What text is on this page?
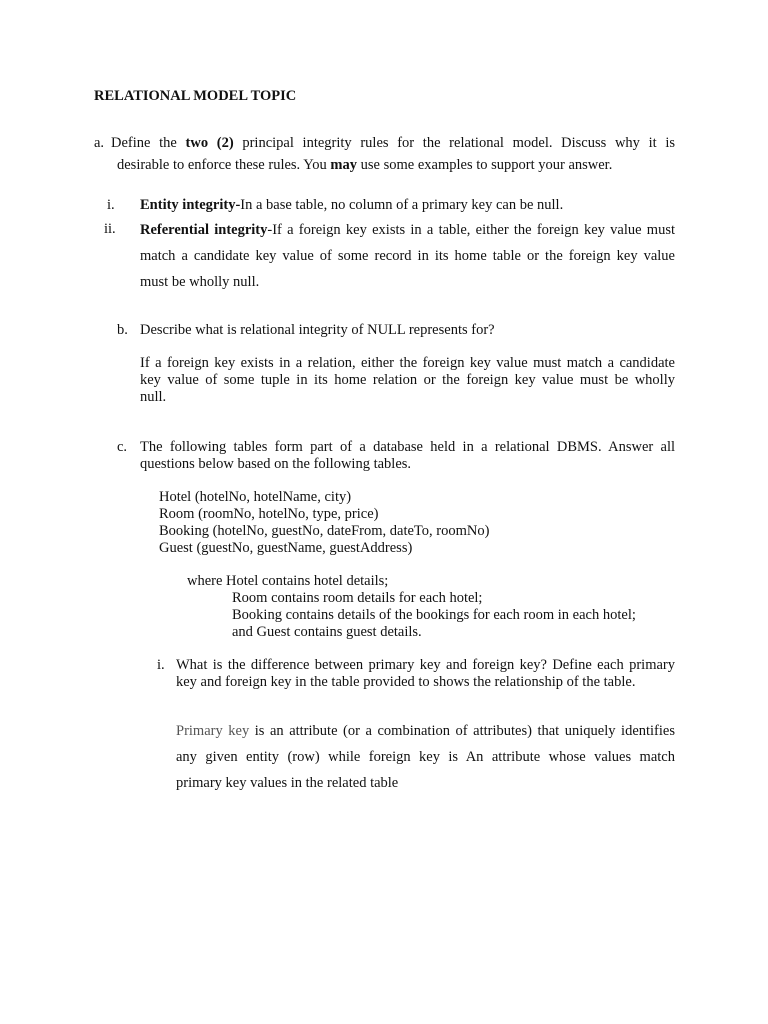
RELATIONAL MODEL TOPIC
a. Define the two (2) principal integrity rules for the relational model. Discuss why it is
desirable to enforce these rules. You may use some examples to support your answer.
i. Entity integrity-In a base table, no column of a primary key can be null.
ii. Referential integrity-If a foreign key exists in a table, either the foreign key value must
match a candidate key value of some record in its home table or the foreign key value
must be wholly null.
b. Describe what is relational integrity of NULL represents for?
If a foreign key exists in a relation, either the foreign key value must match a candidate
key value of some tuple in its home relation or the foreign key value must be wholly
null.
c. The following tables form part of a database held in a relational DBMS. Answer all
questions below based on the following tables.
Hotel (hotelNo, hotelName, city)
Room (roomNo, hotelNo, type, price)
Booking (hotelNo, guestNo, dateFrom, dateTo, roomNo)
Guest (guestNo, guestName, guestAddress)
where Hotel contains hotel details;
Room contains room details for each hotel;
Booking contains details of the bookings for each room in each hotel;
and Guest contains guest details.
i. What is the difference between primary key and foreign key? Define each primary
key and foreign key in the table provided to shows the relationship of the table.
Primary key is an attribute (or a combination of attributes) that uniquely identifies
any given entity (row) while foreign key is An attribute whose values match
primary key values in the related table
